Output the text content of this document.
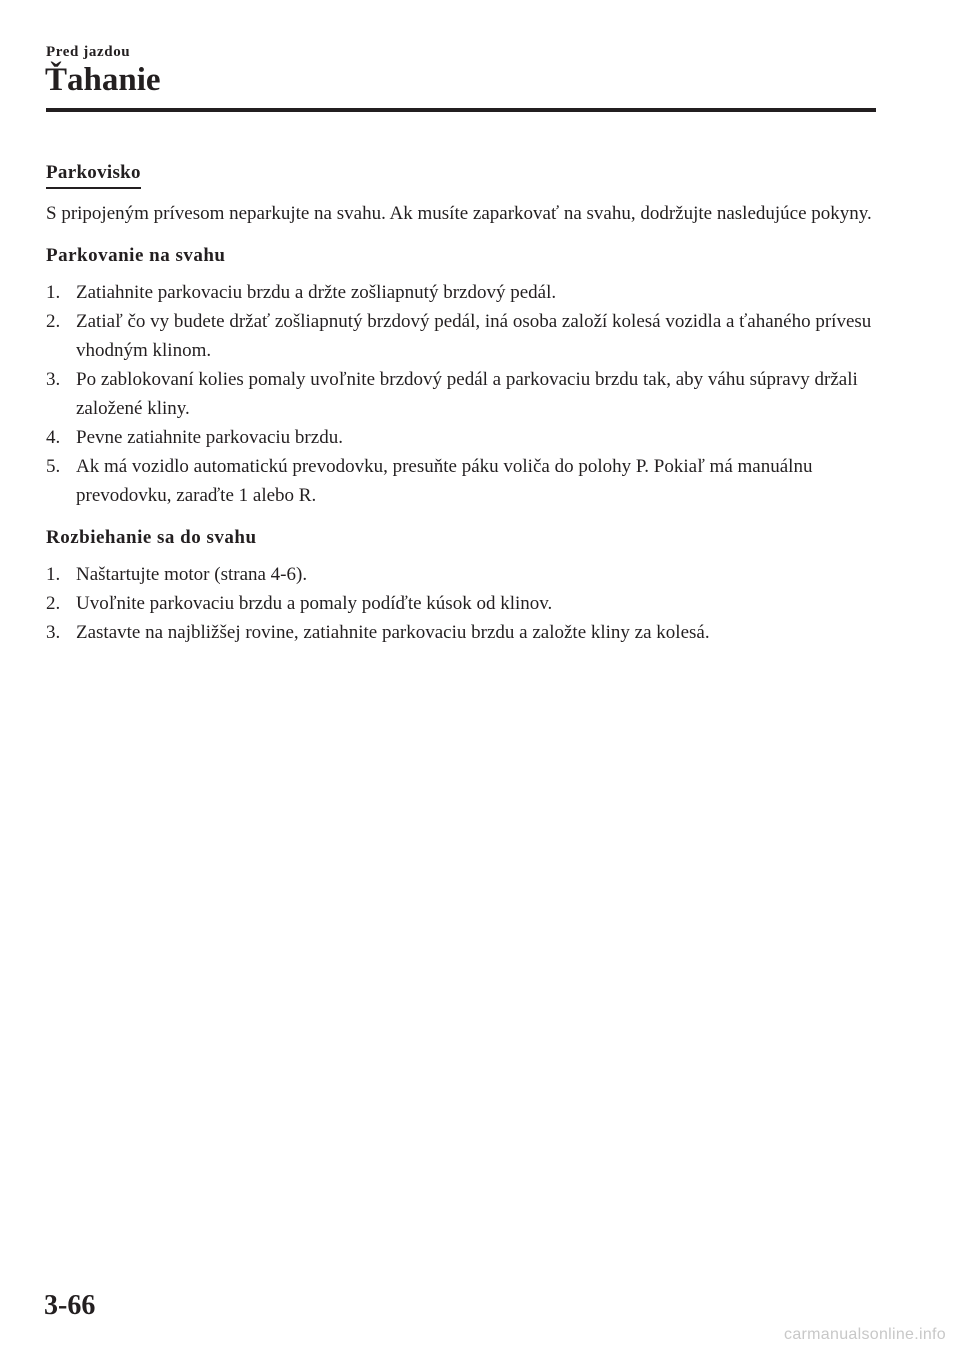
Pred jazdou
Ťahanie
Parkovisko

S pripojeným prívesom neparkujte na svahu. Ak musíte zaparkovať na svahu, dodržujte nasledujúce pokyny.

Parkovanie na svahu
1. Zatiahnite parkovaciu brzdu a držte zošliapnutý brzdový pedál.
2. Zatiaľ čo vy budete držať zošliapnutý brzdový pedál, iná osoba založí kolesá vozidla a ťahaného prívesu vhodným klinom.
3. Po zablokovaní kolies pomaly uvoľnite brzdový pedál a parkovaciu brzdu tak, aby váhu súpravy držali založené kliny.
4. Pevne zatiahnite parkovaciu brzdu.
5. Ak má vozidlo automatickú prevodovku, presuňte páku voliča do polohy P. Pokiaľ má manuálnu prevodovku, zaraďte 1 alebo R.
Rozbiehanie sa do svahu
1. Naštartujte motor (strana 4-6).
2. Uvoľnite parkovaciu brzdu a pomaly podíďte kúsok od klinov.
3. Zastavte na najbližšej rovine, zatiahnite parkovaciu brzdu a založte kliny za kolesá.
3-66
carmanualsonline.info
